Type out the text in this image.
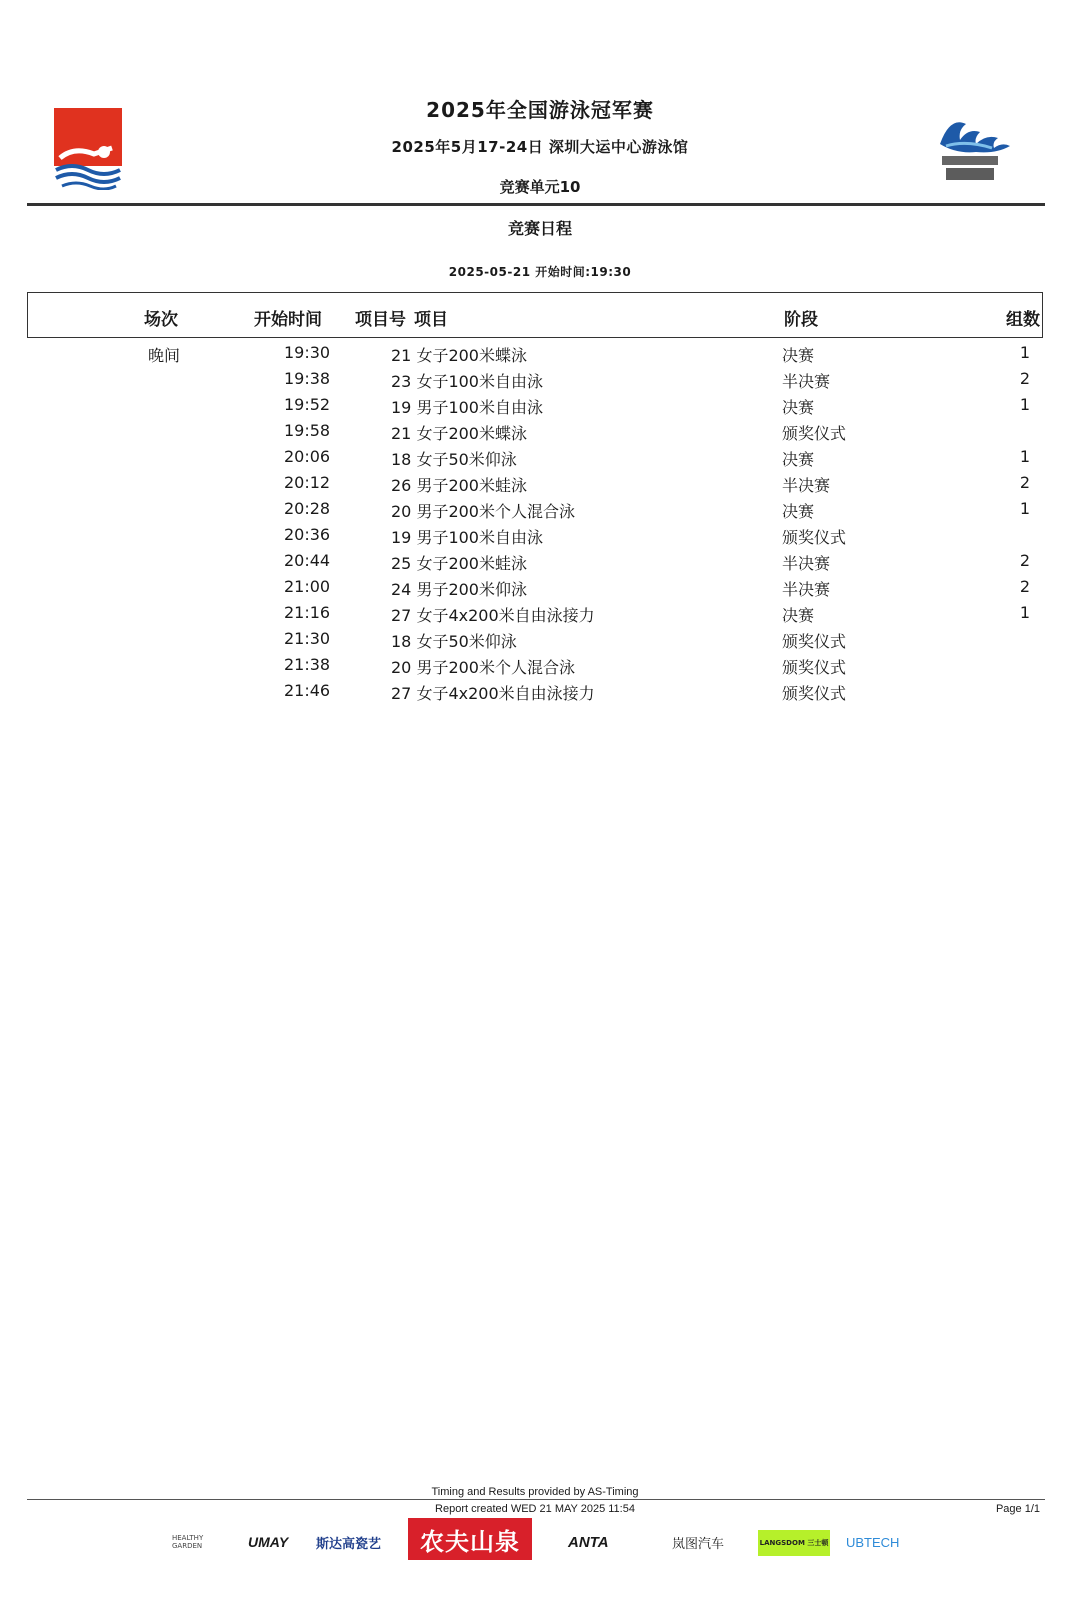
2025年全国游泳冠军赛
2025年5月17-24日 深圳大运中心游泳馆
竞赛单元10
竞赛日程
2025-05-21 开始时间:19:30
场次	开始时间 项目号 项目	阶段	组数
晚间	19:30	21 女子200米蝶泳	决赛	1
19:38	23 女子100米自由泳	半决赛	2
19:52	19 男子100米自由泳	决赛	1
19:58	21 女子200米蝶泳	颁奖仪式
20:06	18 女子50米仰泳	决赛	1
20:12	26 男子200米蛙泳	半决赛	2
20:28	20 男子200米个人混合泳	决赛	1
20:36	19 男子100米自由泳	颁奖仪式
20:44	25 女子200米蛙泳	半决赛	2
21:00	24 男子200米仰泳	半决赛	2
21:16	27 女子4x200米自由泳接力	决赛	1
21:30	18 女子50米仰泳	颁奖仪式
21:38	20 男子200米个人混合泳	颁奖仪式
21:46	27 女子4x200米自由泳接力	颁奖仪式
Timing and Results provided by AS-Timing
Report created WED 21 MAY 2025 11:54	Page 1/1
HEALTHY GARDEN	UMAY 斯达高瓷艺 农夫山泉	ANTA	岚图汽车	LANGSDOM 三士顿 UBTECH
